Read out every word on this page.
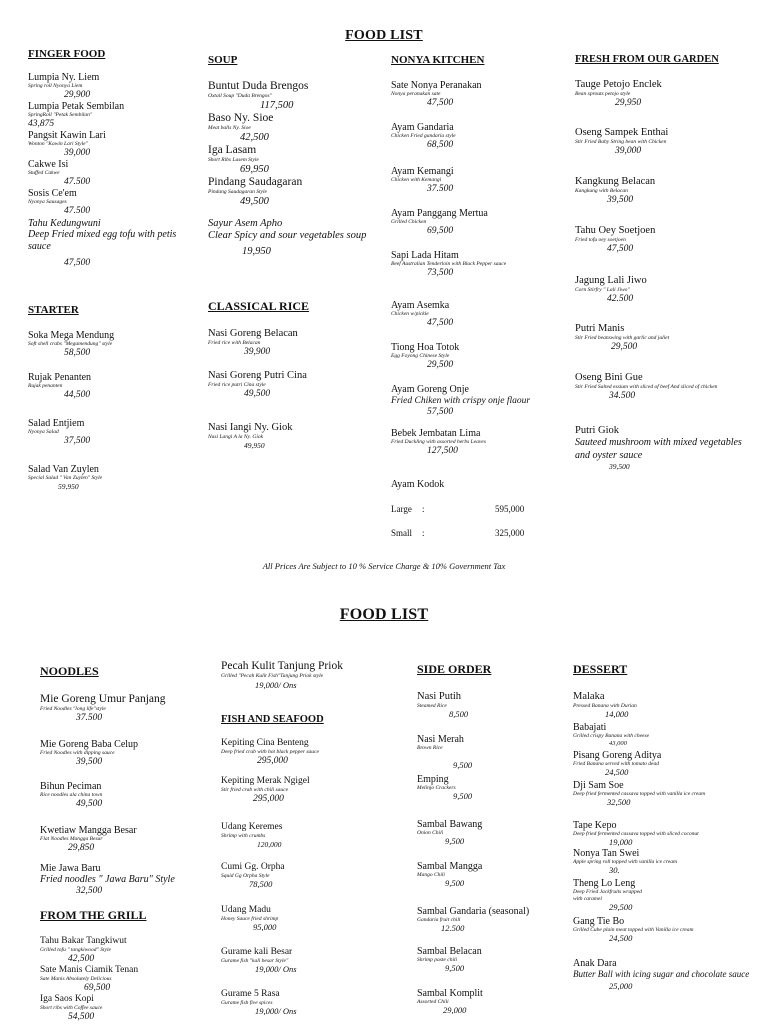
FOOD LIST
FINGER FOOD
Lumpia Ny. Liem
Spring roll Nyonya Liem
29,900
Lumpia Petak Sembilan
SpringRoll "Petak Sembilan"
43,875
Pangsit Kawin Lari
Wonton "Kawin Lari Style"
39,000
Cakwe Isi
Stuffed Cakwe
47.500
Sosis Ce'em
Nyonya Sausages
47.500
Tahu Kedungwuni
Deep Fried mixed egg tofu with petis sauce
47,500
STARTER
Soka Mega Mendung
Soft shell crabs "Megamendung" style
58,500
Rujak Penanten
Rujak penanten
44,500
Salad Entjiem
Nyonya Salad
37,500
Salad Van Zuylen
Special Salad " Van Zuylen" Style
59,950
SOUP
Buntut Duda Brengos
Oxtail Soup "Duda Brengos"
117,500
Baso Ny. Sioe
Meat balls Ny. Sioe
42,500
Iga Lasam
Short Ribs Lasem Style
69,950
Pindang Saudagaran
Pindang Saudagaran Style
49,500
Sayur Asem Apho
Clear Spicy and sour vegetables soup
19,950
CLASSICAL RICE
Nasi Goreng Belacan
Fried rice with Belacan
39,900
Nasi Goreng Putri Cina
Fried rice putri Cina style
49,500
Nasi Iangi Ny. Giok
Nasi Langi A la Ny. Giok
49,950
NONYA KITCHEN
Sate Nonya Peranakan
Nonya peranakan sate
47,500
Ayam Gandaria
Chicken Fried gandaria style
68,500
Ayam Kemangi
Chicken with Kemangi
37.500
Ayam Panggang Mertua
Grilled Chicken
69,500
Sapi Lada Hitam
Beef Australian Tenderloin with Black Pepper sauce
73,500
Ayam Asemka
Chicken w/pickle
47,500
Tiong Hoa Totok
Egg Foyong Chinese Style
29,500
Ayam Goreng Onje
Fried Chiken with crispy onje flaour
57,500
Bebek Jembatan Lima
Fried Duckling with assorted herbs Leaves
127,500
Ayam Kodok
Large :	595,000
Small :	325,000
FRESH FROM OUR GARDEN
Tauge Petojo Enclek
Bean sprouts petojo style
29,950
Oseng Sampek Enthai
Stir Fried Baby String bean with Chicken
39,000
Kangkung Belacan
Kangkung with Belacan
39,500
Tahu Oey Soetjoen
Fried tofu oey soetjoen
47,500
Jagung Lali Jiwo
Corn Stirfry " Lali Jiwo"
42.500
Putri Manis
Stir Fried beanswing with garlic and juliet
29,500
Oseng Bini Gue
Stir Fried Salted essium with sliced of beef And sliced of chicken
34.500
Putri Giok
Sauteed mushroom with mixed vegetables and oyster sauce
39,500
All Prices Are Subject to 10 % Service Charge & 10% Government Tax
FOOD LIST
NOODLES
Mie Goreng Umur Panjang
Fried Noodles "long life"style
37.500
Mie Goreng Baba Celup
Fried Noodles with dipping sauce
39,500
Bihun Peciman
Rice noodles ala china town
49,500
Kwetiaw Mangga Besar
Flat Noodles Mangga Besar
29,850
Mie Jawa Baru
Fried noodles " Jawa Baru" Style
32,500
FROM THE GRILL
Tahu Bakar Tangkiwut
Grilled tofu " tangkiwood" Style
42,500
Sate Manis Ciamik Tenan
Sate Manis Absolutely Delicious
69,500
Iga Saos Kopi
Short ribs with Coffee sauce
54,500
Pecah Kulit Tanjung Priok
Grilled "Pecah Kulit Fish"Tanjung Priok style
19,000/ Ons
FISH AND SEAFOOD
Kepiting Cina Benteng
Deep fried crab with hot black pepper sauce
295,000
Kepiting Merak Ngigel
Stir fried crab with chili sauce
295,000
Udang Keremes
Shrimp with crumbs
120,000
Cumi Gg. Orpha
Squid Gg Orpha Style
78,500
Udang Madu
Honey Sauce fried shrimp
95,000
Gurame kali Besar
Gurame fish "kali besar Style"
19,000/ Ons
Gurame 5 Rasa
Gurame fish five spices
19,000/ Ons
SIDE ORDER
Nasi Putih
Steamed Rice
8,500
Nasi Merah
Brown Rice
9,500
Emping
Melinjo Crackers
9,500
Sambal Bawang
Onion Chili
9,500
Sambal Mangga
Mango Chili
9,500
Sambal Gandaria (seasonal)
Gandaria fruit chili
12.500
Sambal Belacan
Shrimp paste chili
9,500
Sambal Komplit
Assorted Chili
29,000
DESSERT
Malaka
Pressed Banana with Durian
14,000
Babajati
Grilled crispy Banana with cheese
43,000
Pisang Goreng Aditya
Fried Banana served with tomato dead
24,500
Dji Sam Soe
Deep fried fermented cassava topped with vanilla ice cream
32,500
Tape Kepo
Deep fried fermented cassava topped with sliced coconut
19,000
Nonya Tan Swei
Apple spring roll topped with vanilla ice cream
30.
Theng Lo Leng
Deep Fried Jackfruits wrapped with caramel
29,500
Gang Tie Bo
Grilled Cube plain meat topped with Vanilla ice cream
24,500
Anak Dara
Butter Ball with icing sugar and chocolate sauce
25,000
